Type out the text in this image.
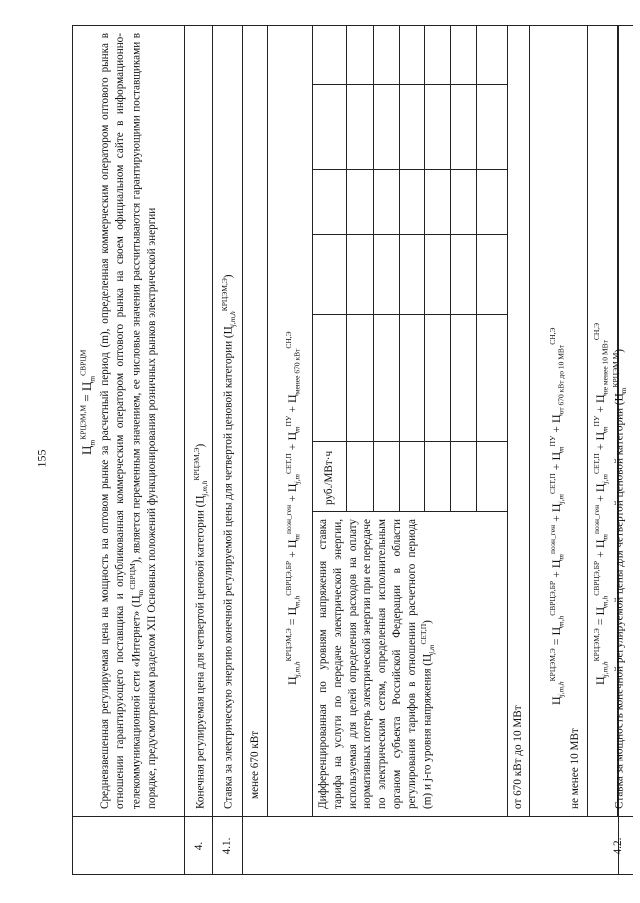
155 $Ц_m^{КРЦЭМ,М} = Ц_m^{СВРЦМ}$	Средневзвешенная регулируемая цена на мощность на оптовом рынке за расчетный период (m), определенная коммерческим оператором оптового рынка в отношении гарантирующего поставщика и опубликованная коммерческим оператором оптового рынка на своем официальном сайте в информационно-телекоммуникационной сети «Интернет» $(Ц_m^{СВРЦМ})$, является переменным значением, ее числовые значения рассчитываются гарантирующими поставщиками в порядке, предусмотренном разделом XII Основных положений функционирования розничных рынков электрической энергии
4.
Конечная регулируемая цена для четвертой ценовой категории $(Ц_{j,m,h}^{КРЦЭМ,Э})$
4.1.
Ставка за электрическую энергию конечной регулируемой цены для четвертой ценовой категории $(Ц_{j,m,h}^{КРЦЭМ,Э})$
менее 670 кВт
$Ц_{j,m,h}^{КРЦЭМ,Э} = Ц_{m,h}^{СВРЦЭ,БР} + Ц_m^{поэн\_ген} + Ц_{j,m}^{СЕТ,П} + Ц_m^{ПУ} + Ц_{менее 670 кВт}^{СН,Э}$
Дифференцированная по уровням напряжения ставка тарифа на услуги по передаче электрической энергии, используемая для целей определения расходов на оплату нормативных потерь электрической энергии при ее передаче по электрическим сетям, определенная исполнительным органом субъекта Российской Федерации в области регулирования тарифов в отношении расчетного периода (m) и j-го уровня напряжения $(Ц_{j,m}^{СЕТ,П})$
руб./МВт·ч
от 670 кВт до 10 МВт
$Ц_{j,m,h}^{КРЦЭМ,Э} = Ц_{m,h}^{СВРЦЭ,БР} + Ц_m^{поэн\_ген} + Ц_{j,m}^{СЕТ,П} + Ц_m^{ПУ} + Ц_{от 670 кВт до 10 МВт}^{СН,Э}$
не менее 10 МВт
$Ц_{j,m,h}^{КРЦЭМ,Э} = Ц_{m,h}^{СВРЦЭ,БР} + Ц_m^{поэн\_ген} + Ц_{j,m}^{СЕТ,П} + Ц_m^{ПУ} + Ц_{не менее 10 МВт}^{СН,Э}$
4.2.
Ставка за мощность конечной регулируемой цены для четвертой ценовой категории $(Ц_m^{КРЦЭМ,М})$
